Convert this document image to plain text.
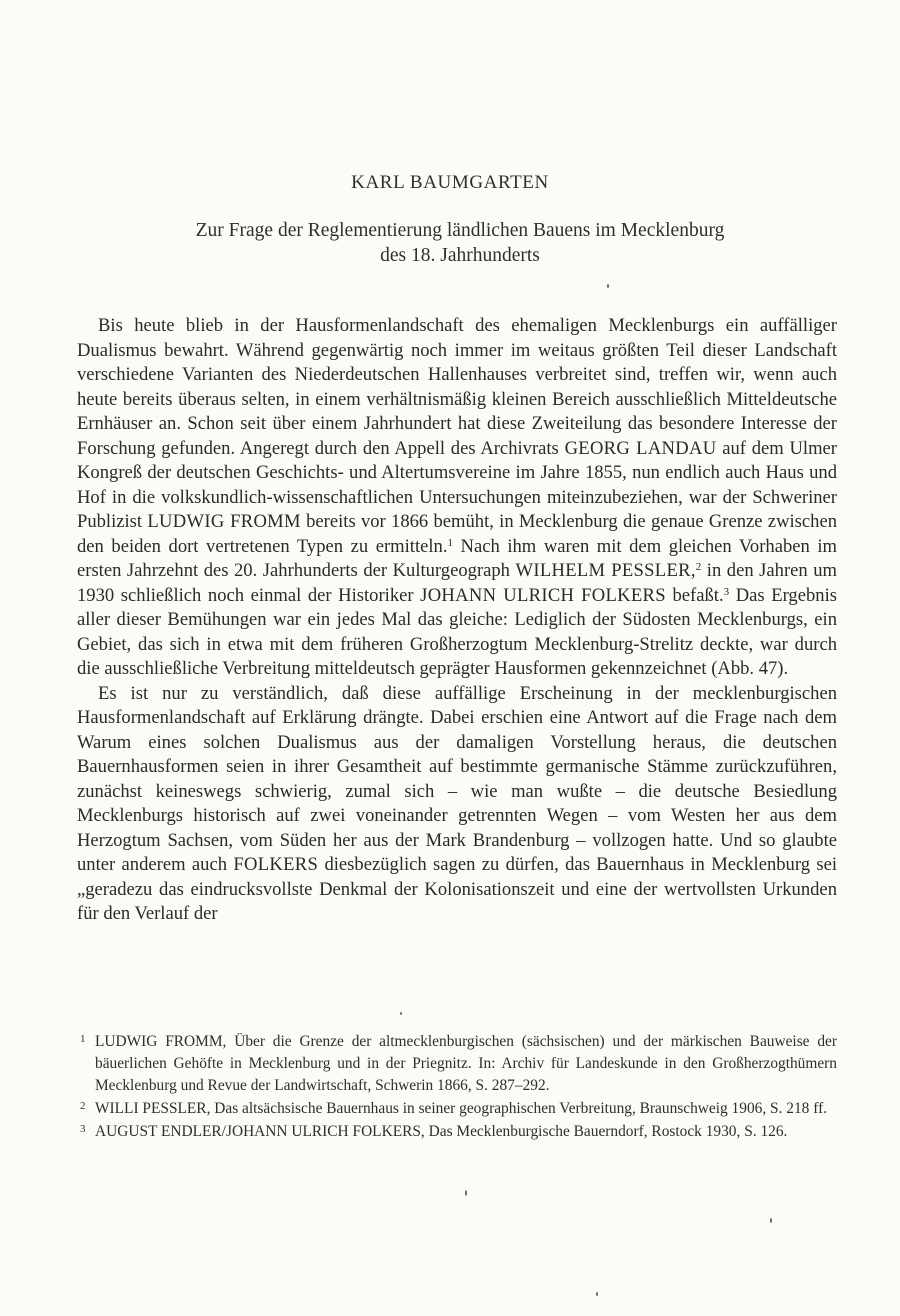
KARL BAUMGARTEN
Zur Frage der Reglementierung ländlichen Bauens im Mecklenburg
des 18. Jahrhunderts

Bis heute blieb in der Hausformenlandschaft des ehemaligen Mecklenburgs ein auffälliger Dualismus bewahrt. Während gegenwärtig noch immer im weitaus größten Teil dieser Landschaft verschiedene Varianten des Niederdeutschen Hallenhauses verbreitet sind, treffen wir, wenn auch heute bereits überaus selten, in einem verhältnismäßig kleinen Bereich ausschließlich Mitteldeutsche Ernhäuser an. Schon seit über einem Jahrhundert hat diese Zweiteilung das besondere Interesse der Forschung gefunden. Angeregt durch den Appell des Archivrats GEORG LANDAU auf dem Ulmer Kongreß der deutschen Geschichts- und Altertumsvereine im Jahre 1855, nun endlich auch Haus und Hof in die volkskundlich-wissenschaftlichen Untersuchungen miteinzubeziehen, war der Schweriner Publizist LUDWIG FROMM bereits vor 1866 bemüht, in Mecklenburg die genaue Grenze zwischen den beiden dort vertretenen Typen zu ermitteln.$^1$ Nach ihm waren mit dem gleichen Vorhaben im ersten Jahrzehnt des 20. Jahrhunderts der Kulturgeograph WILHELM PESSLER,$^2$ in den Jahren um 1930 schließlich noch einmal der Historiker JOHANN ULRICH FOLKERS befaßt.$^3$ Das Ergebnis aller dieser Bemühungen war ein jedes Mal das gleiche: Lediglich der Südosten Mecklenburgs, ein Gebiet, das sich in etwa mit dem früheren Großherzogtum Mecklenburg-Strelitz deckte, war durch die ausschließliche Verbreitung mitteldeutsch geprägter Hausformen gekennzeichnet (Abb. 47).

Es ist nur zu verständlich, daß diese auffällige Erscheinung in der mecklenburgischen Hausformenlandschaft auf Erklärung drängte. Dabei erschien eine Antwort auf die Frage nach dem Warum eines solchen Dualismus aus der damaligen Vorstellung heraus, die deutschen Bauernhausformen seien in ihrer Gesamtheit auf bestimmte germanische Stämme zurückzuführen, zunächst keineswegs schwierig, zumal sich – wie man wußte – die deutsche Besiedlung Mecklenburgs historisch auf zwei voneinander getrennten Wegen – vom Westen her aus dem Herzogtum Sachsen, vom Süden her aus der Mark Brandenburg – vollzogen hatte. Und so glaubte unter anderem auch FOLKERS diesbezüglich sagen zu dürfen, das Bauernhaus in Mecklenburg sei „geradezu das eindrucksvollste Denkmal der Kolonisationszeit und eine der wertvollsten Urkunden für den Verlauf der

1 LUDWIG FROMM, Über die Grenze der altmecklenburgischen (sächsischen) und der märkischen Bauweise der bäuerlichen Gehöfte in Mecklenburg und in der Priegnitz. In: Archiv für Landeskunde in den Großherzogthümern Mecklenburg und Revue der Landwirtschaft, Schwerin 1866, S. 287–292.
2 WILLI PESSLER, Das altsächsische Bauernhaus in seiner geographischen Verbreitung, Braunschweig 1906, S. 218 ff.
3 AUGUST ENDLER/JOHANN ULRICH FOLKERS, Das Mecklenburgische Bauerndorf, Rostock 1930, S. 126.
